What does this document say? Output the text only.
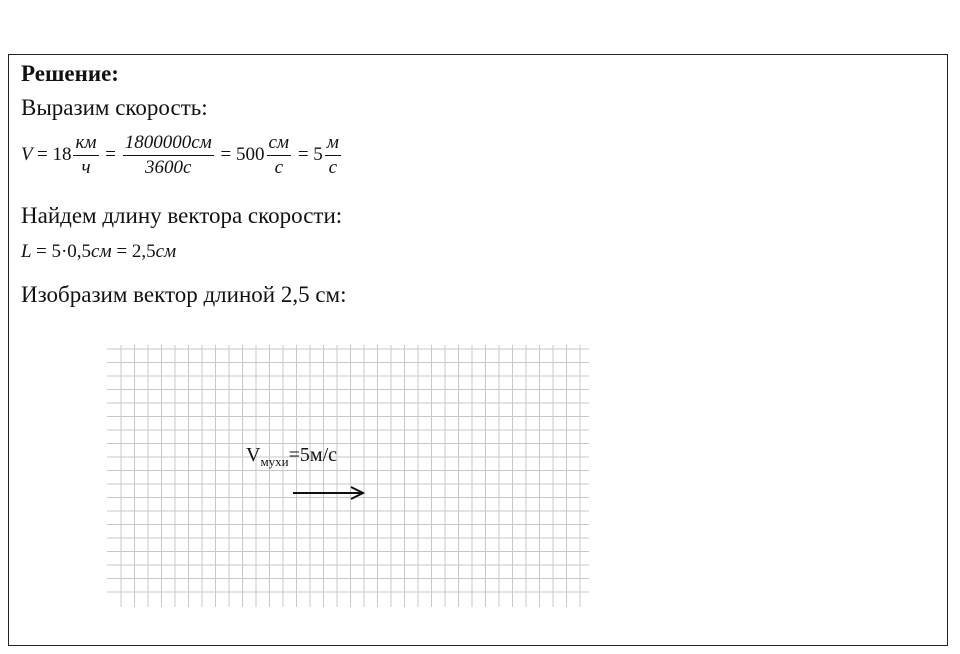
Решение:
Выразим скорость:
$V = 18 \frac{км}{ч} = \frac{1800000см}{3600с} = 500 \frac{см}{с} = 5 \frac{м}{с}$
Найдем длину вектора скорости:
L = 5·0,5см = 2,5см
Изобразим вектор длиной 2,5 см:
$V_{мухи}=5м/с$
